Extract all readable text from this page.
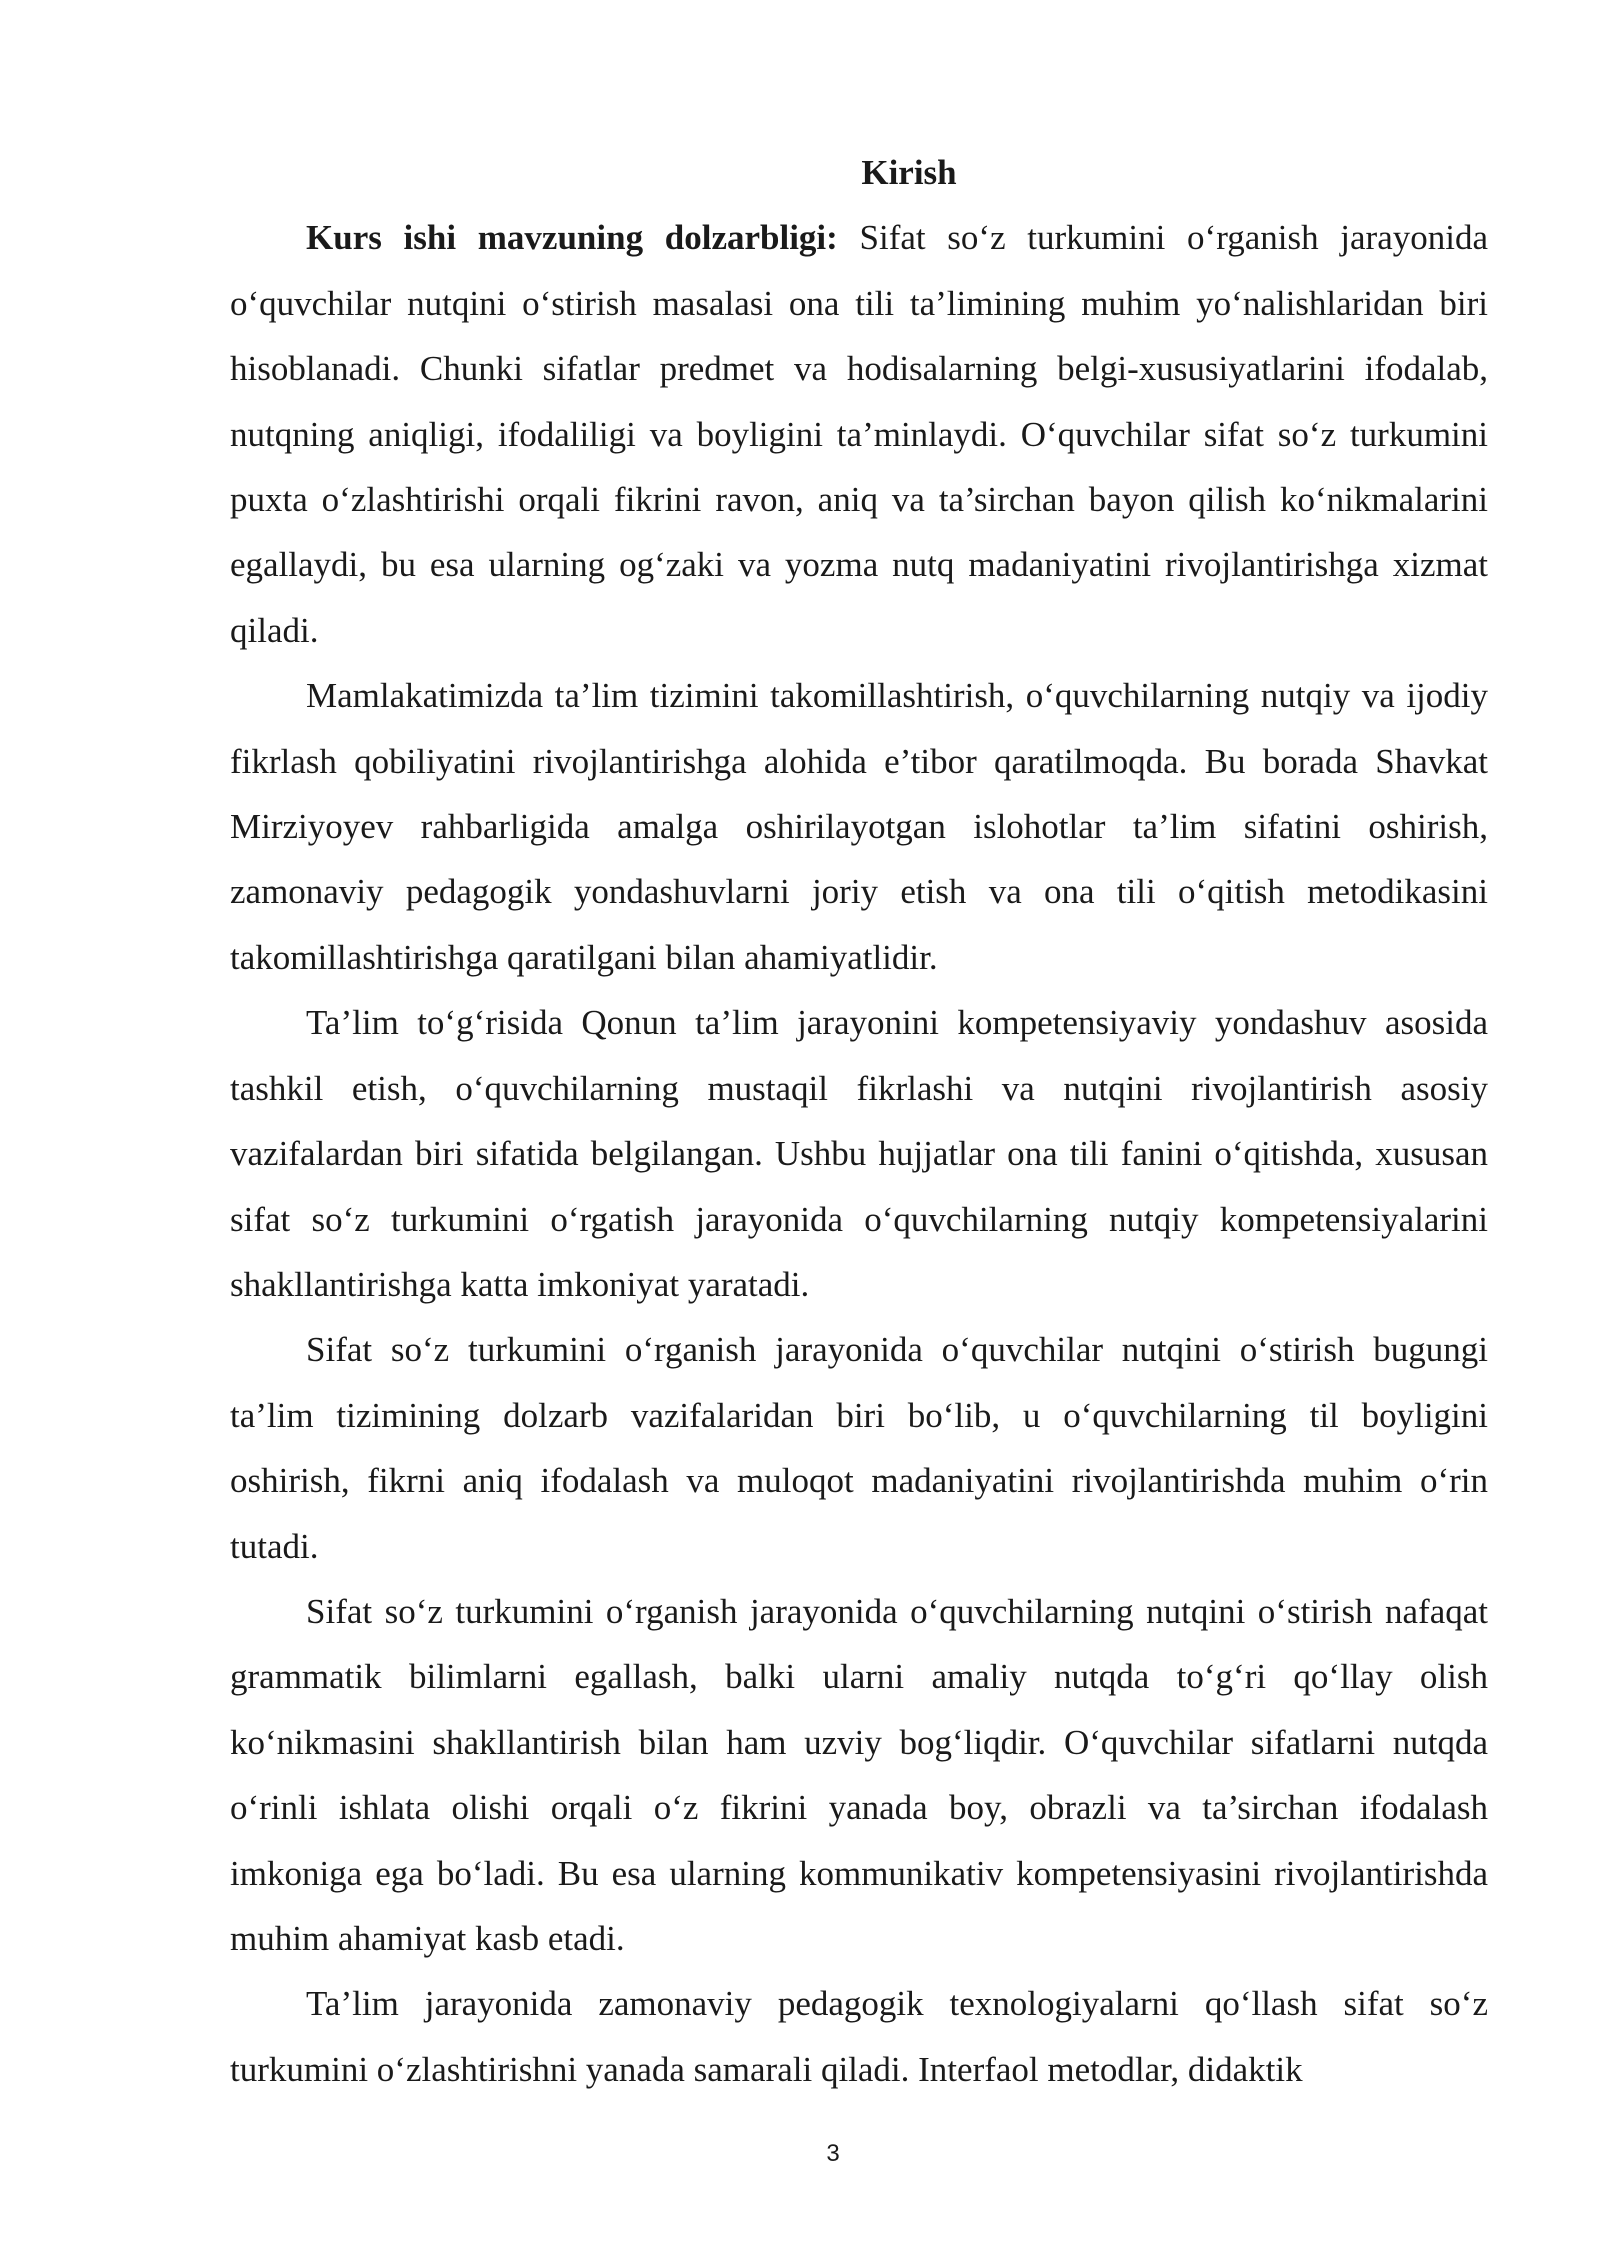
Kirish

Kurs ishi mavzuning dolzarbligi: Sifat so‘z turkumini o‘rganish jarayonida o‘quvchilar nutqini o‘stirish masalasi ona tili ta’limining muhim yo‘nalishlaridan biri hisoblanadi. Chunki sifatlar predmet va hodisalarning belgi-xususiyatlarini ifodalab, nutqning aniqligi, ifodaliligi va boyligini ta’minlaydi. O‘quvchilar sifat so‘z turkumini puxta o‘zlashtirishi orqali fikrini ravon, aniq va ta’sirchan bayon qilish ko‘nikmalarini egallaydi, bu esa ularning og‘zaki va yozma nutq madaniyatini rivojlantirishga xizmat qiladi.

Mamlakatimizda ta’lim tizimini takomillashtirish, o‘quvchilarning nutqiy va ijodiy fikrlash qobiliyatini rivojlantirishga alohida e’tibor qaratilmoqda. Bu borada Shavkat Mirziyoyev rahbarligida amalga oshirilayotgan islohotlar ta’lim sifatini oshirish, zamonaviy pedagogik yondashuvlarni joriy etish va ona tili o‘qitish metodikasini takomillashtirishga qaratilgani bilan ahamiyatlidir.

Ta’lim to‘g‘risida Qonun ta’lim jarayonini kompetensiyaviy yondashuv asosida tashkil etish, o‘quvchilarning mustaqil fikrlashi va nutqini rivojlantirish asosiy vazifalardan biri sifatida belgilangan. Ushbu hujjatlar ona tili fanini o‘qitishda, xususan sifat so‘z turkumini o‘rgatish jarayonida o‘quvchilarning nutqiy kompetensiyalarini shakllantirishga katta imkoniyat yaratadi.

Sifat so‘z turkumini o‘rganish jarayonida o‘quvchilar nutqini o‘stirish bugungi ta’lim tizimining dolzarb vazifalaridan biri bo‘lib, u o‘quvchilarning til boyligini oshirish, fikrni aniq ifodalash va muloqot madaniyatini rivojlantirishda muhim o‘rin tutadi.

Sifat so‘z turkumini o‘rganish jarayonida o‘quvchilarning nutqini o‘stirish nafaqat grammatik bilimlarni egallash, balki ularni amaliy nutqda to‘g‘ri qo‘llay olish ko‘nikmasini shakllantirish bilan ham uzviy bog‘liqdir. O‘quvchilar sifatlarni nutqda o‘rinli ishlata olishi orqali o‘z fikrini yanada boy, obrazli va ta’sirchan ifodalash imkoniga ega bo‘ladi. Bu esa ularning kommunikativ kompetensiyasini rivojlantirishda muhim ahamiyat kasb etadi.

Ta’lim jarayonida zamonaviy pedagogik texnologiyalarni qo‘llash sifat so‘z turkumini o‘zlashtirishni yanada samarali qiladi. Interfaol metodlar, didaktik

3
